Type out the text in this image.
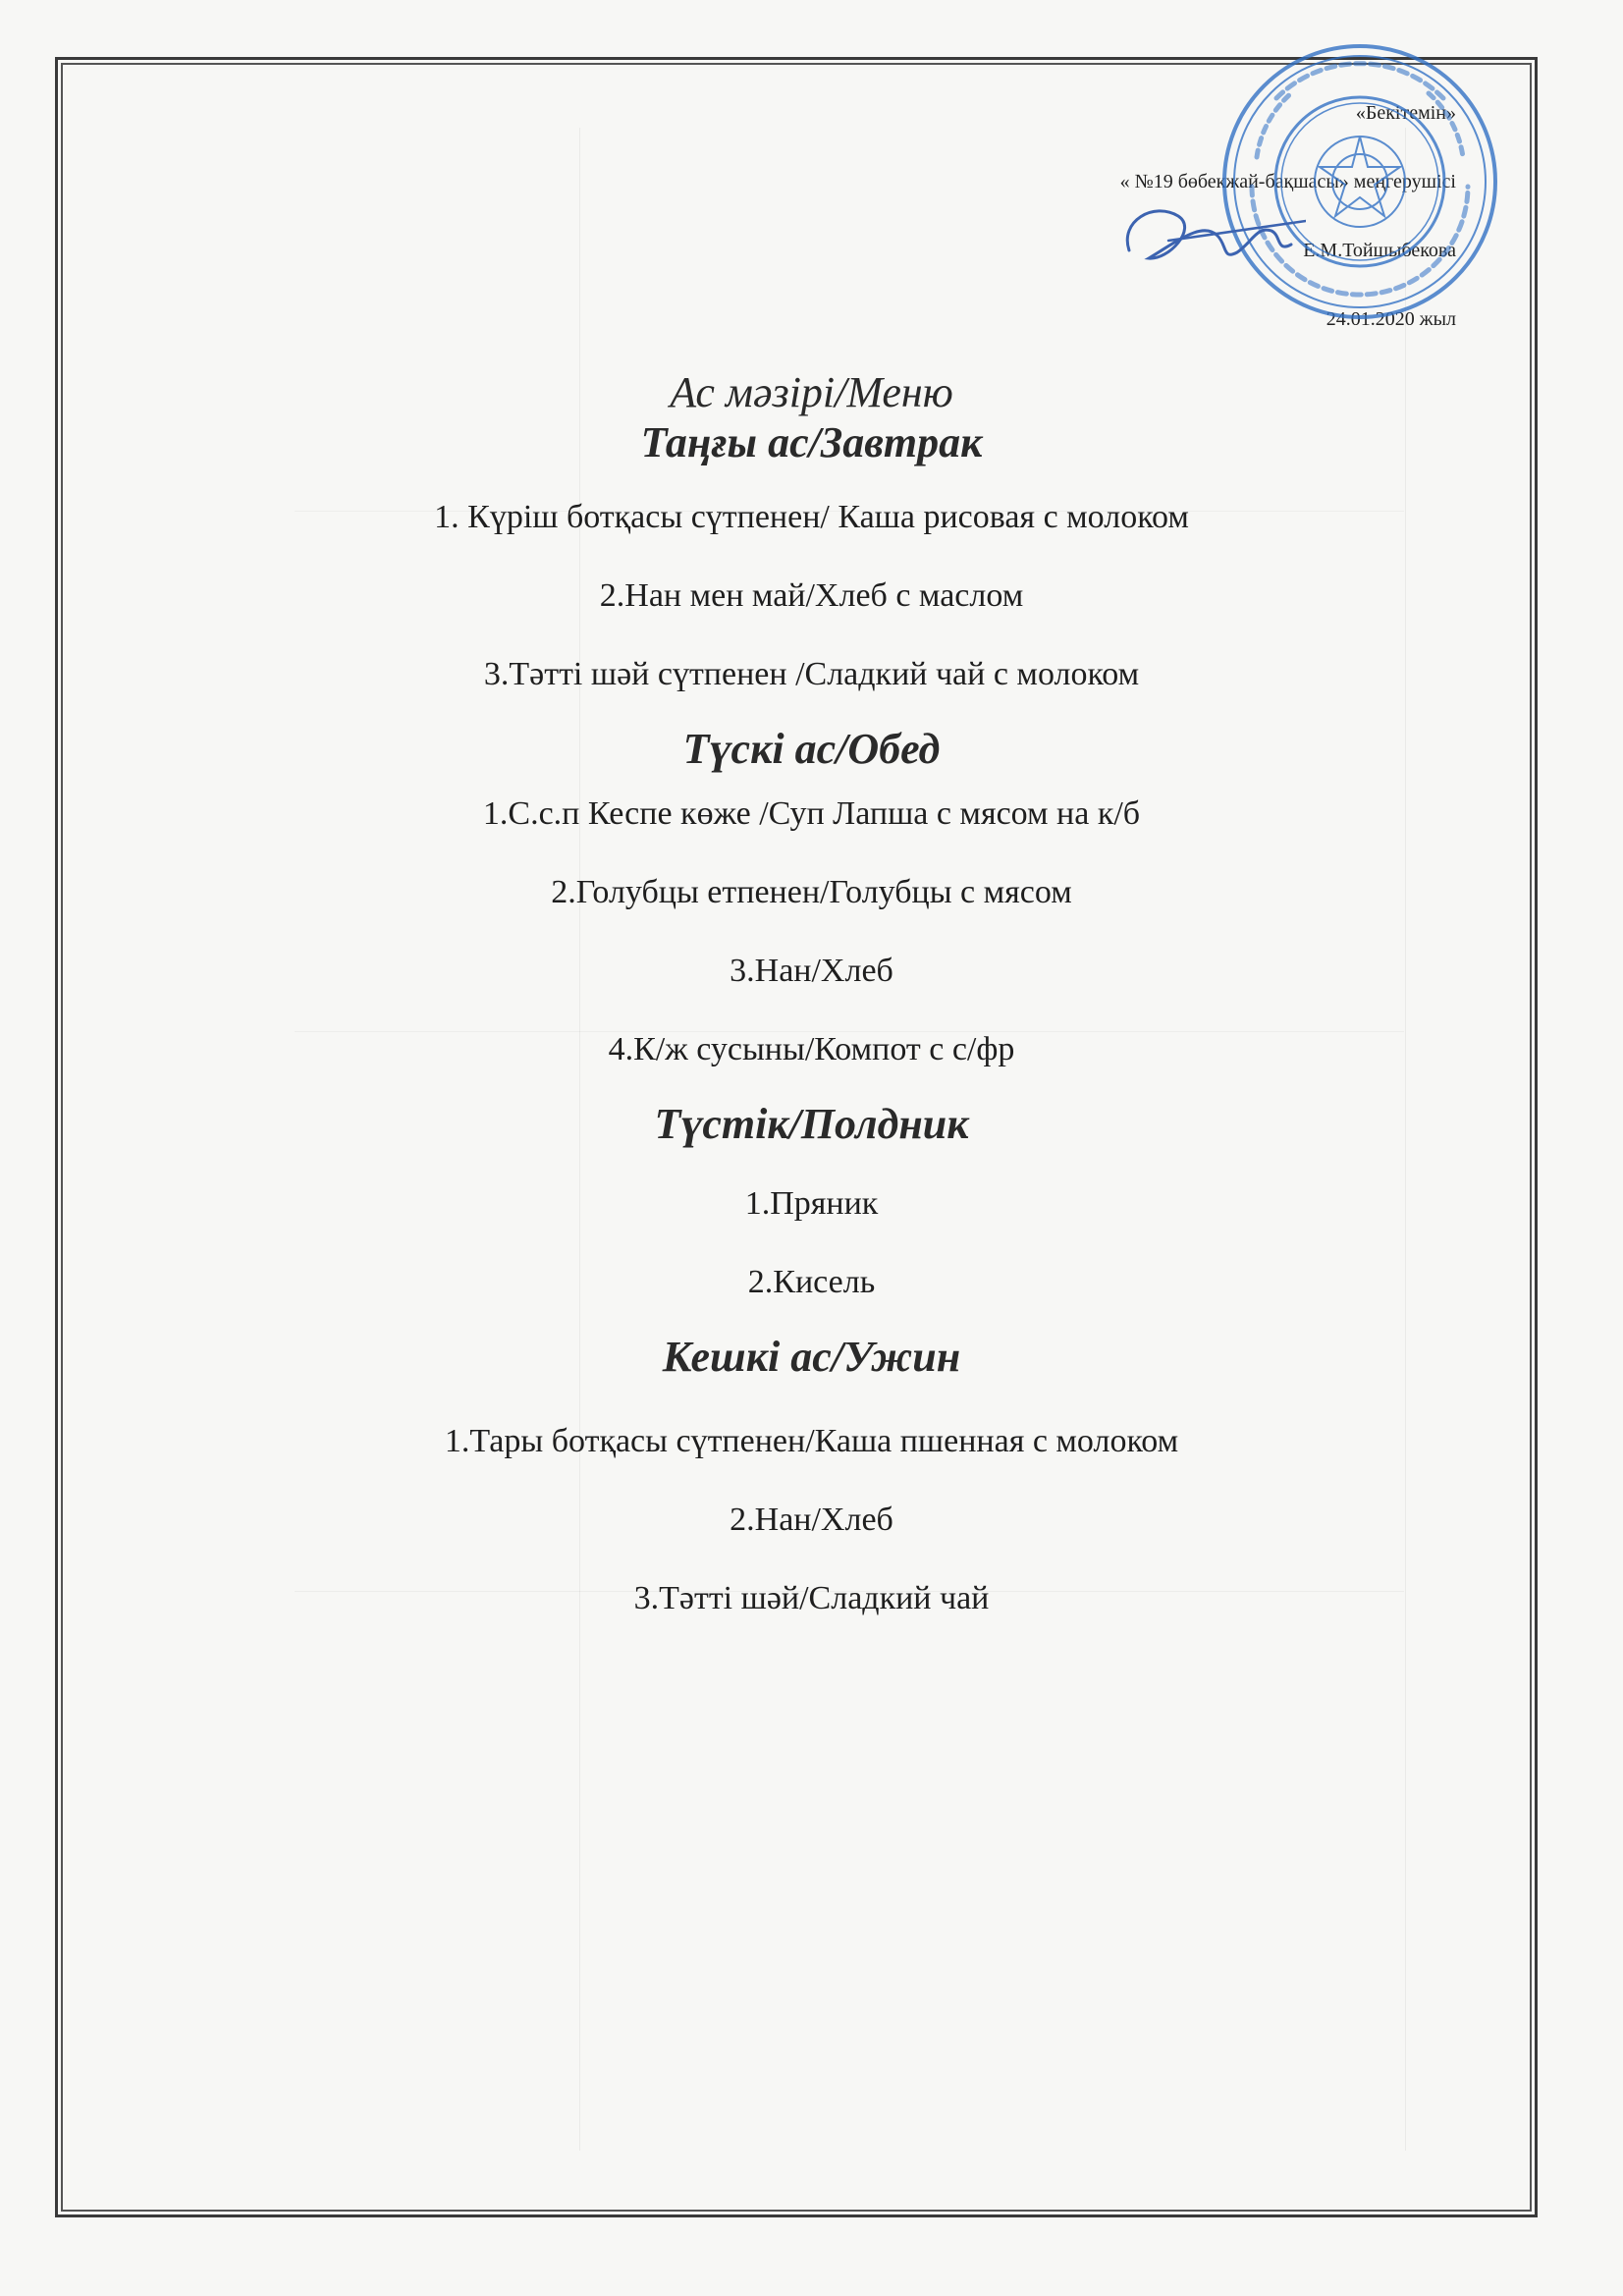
«Бекітемін»
« №19 бөбекжай-бақшасы» меңгерушісі
Е.М.Тойшыбекова
24.01.2020 жыл

Ас мәзірі/Меню

Таңғы ас/Завтрак

1. Күріш ботқасы сүтпенен/ Каша рисовая с молоком

2.Нан мен май/Хлеб с маслом

3.Тәтті шәй сүтпенен /Сладкий чай с молоком

Түскі ас/Обед

1.С.с.п Кеспе көже /Суп Лапша с мясом на к/б

2.Голубцы етпенен/Голубцы с мясом

3.Нан/Хлеб

4.К/ж сусыны/Компот с с/фр

Түстік/Полдник

1.Пряник

2.Кисель

Кешкі ас/Ужин

1.Тары ботқасы сүтпенен/Каша пшенная с молоком

2.Нан/Хлеб

3.Тәтті шәй/Сладкий чай
